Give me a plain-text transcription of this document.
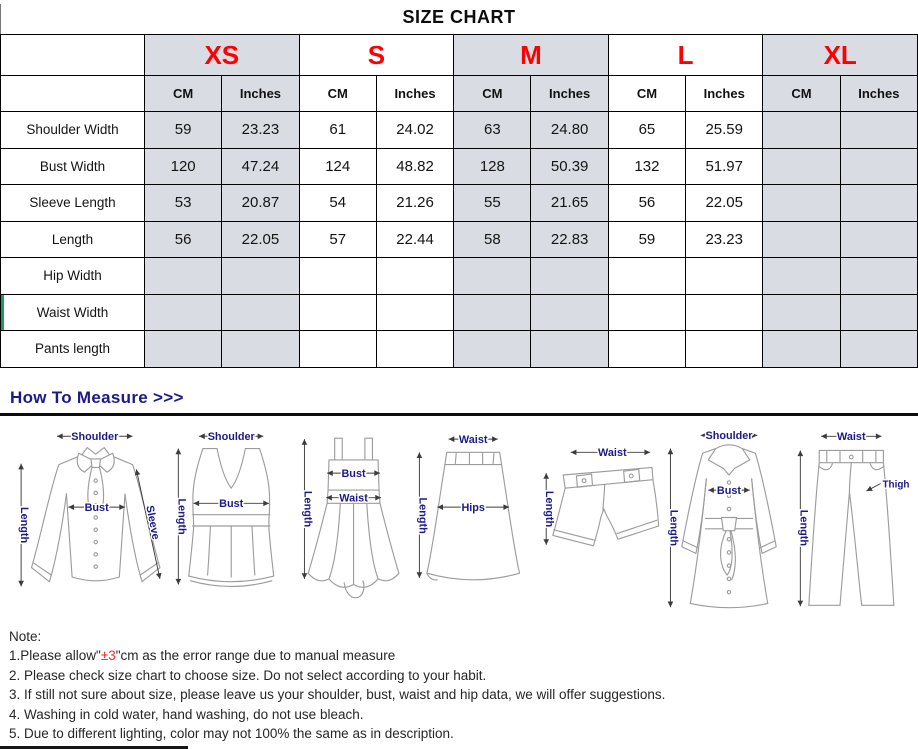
SIZE CHART
	XS		S		M		L		XL	
	CM	Inches	CM	Inches	CM	Inches	CM	Inches	CM	Inches
Shoulder Width	59	23.23	61	24.02	63	24.80	65	25.59		
Bust Width	120	47.24	124	48.82	128	50.39	132	51.97		
Sleeve Length	53	20.87	54	21.26	55	21.65	56	22.05		
Length	56	22.05	57	22.44	58	22.83	59	23.23		
Hip Width										
Waist Width										
Pants length										
How To Measure >>>
Shoulder
Length	Bust	Sleeve
Shoulder
Length	Bust	Length
Bust
Waist
Waist
Hips
Length
Waist
Length
Shoulder
Bust
Length
Waist
Thigh
Length
Note:
1.Please allow"±3"cm as the error range due to manual measure
2. Please check size chart to choose size. Do not select according to your habit.
3. If still not sure about size, please leave us your shoulder, bust, waist and hip data, we will offer suggestions.
4. Washing in cold water, hand washing, do not use bleach.
5. Due to different lighting, color may not 100% the same as in description.
